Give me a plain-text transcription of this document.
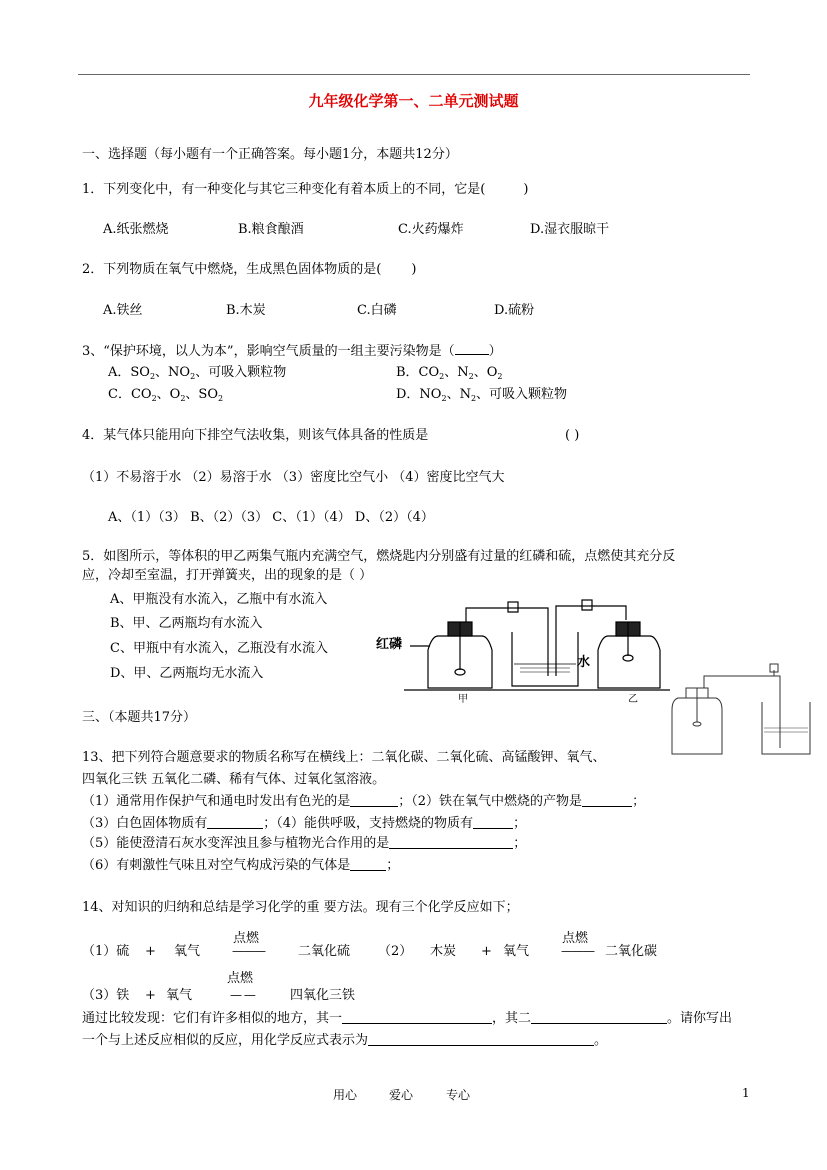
九年级化学第一、二单元测试题
一、选择题（每小题有一个正确答案。每小题1分，本题共12分）
1．下列变化中，有一种变化与其它三种变化有着本质上的不同，它是(	)
A.纸张燃烧	B.粮食酿酒	C.火药爆炸	D.湿衣服晾干
2．下列物质在氧气中燃烧，生成黑色固体物质的是( )
A.铁丝	B.木炭	C.白磷	D.硫粉
3、“保护环境，以人为本”，影响空气质量的一组主要污染物是（	）
A．$SO_2$、$NO_2$、可吸入颗粒物	B．$CO_2$、$N_2$、$O_2$
C．$CO_2$、$O_2$、$SO_2$	D．$NO_2$、$N_2$、可吸入颗粒物
4．某气体只能用向下排空气法收集，则该气体具备的性质是	( )
（1）不易溶于水 （2）易溶于水 （3）密度比空气小 （4）密度比空气大
A、（1）（3） B、（2）（3） C、（1）（4） D、（2）（4）
5．如图所示，等体积的甲乙两集气瓶内充满空气，燃烧匙内分别盛有过量的红磷和硫，点燃使其充分反
应，冷却至室温，打开弹簧夹，出的现象的是（ ）
A、甲瓶没有水流入，乙瓶中有水流入
B、甲、乙两瓶均有水流入
C、甲瓶中有水流入，乙瓶没有水流入
D、甲、乙两瓶均无水流入
红磷
水
甲	乙
三、（本题共17分）
13、把下列符合题意要求的物质名称写在横线上：二氧化碳、二氧化硫、高锰酸钾、氧气、
四氧化三铁 五氧化二磷、稀有气体、过氧化氢溶液。
（1）通常用作保护气和通电时发出有色光的是	；（2）铁在氧气中燃烧的产物是	；
（3）白色固体物质有	；（4）能供呼吸，支持燃烧的物质有	；
（5）能使澄清石灰水变浑浊且参与植物光合作用的是	；
（6）有刺激性气味且对空气构成污染的气体是	；
14、对知识的归纳和总结是学习化学的重 要方法。现有三个化学反应如下；
点燃	点燃
（1）硫 + 氧气	———	二氧化硫 （2） 木炭 + 氧气	——— 二氧化碳
点燃
（3）铁 + 氧气	— —	四氧化三铁
通过比较发现：它们有许多相似的地方，其一	，其二	。请你写出
一个与上述反应相似的反应，用化学反应式表示为	。
用心	爱心	专心	1
